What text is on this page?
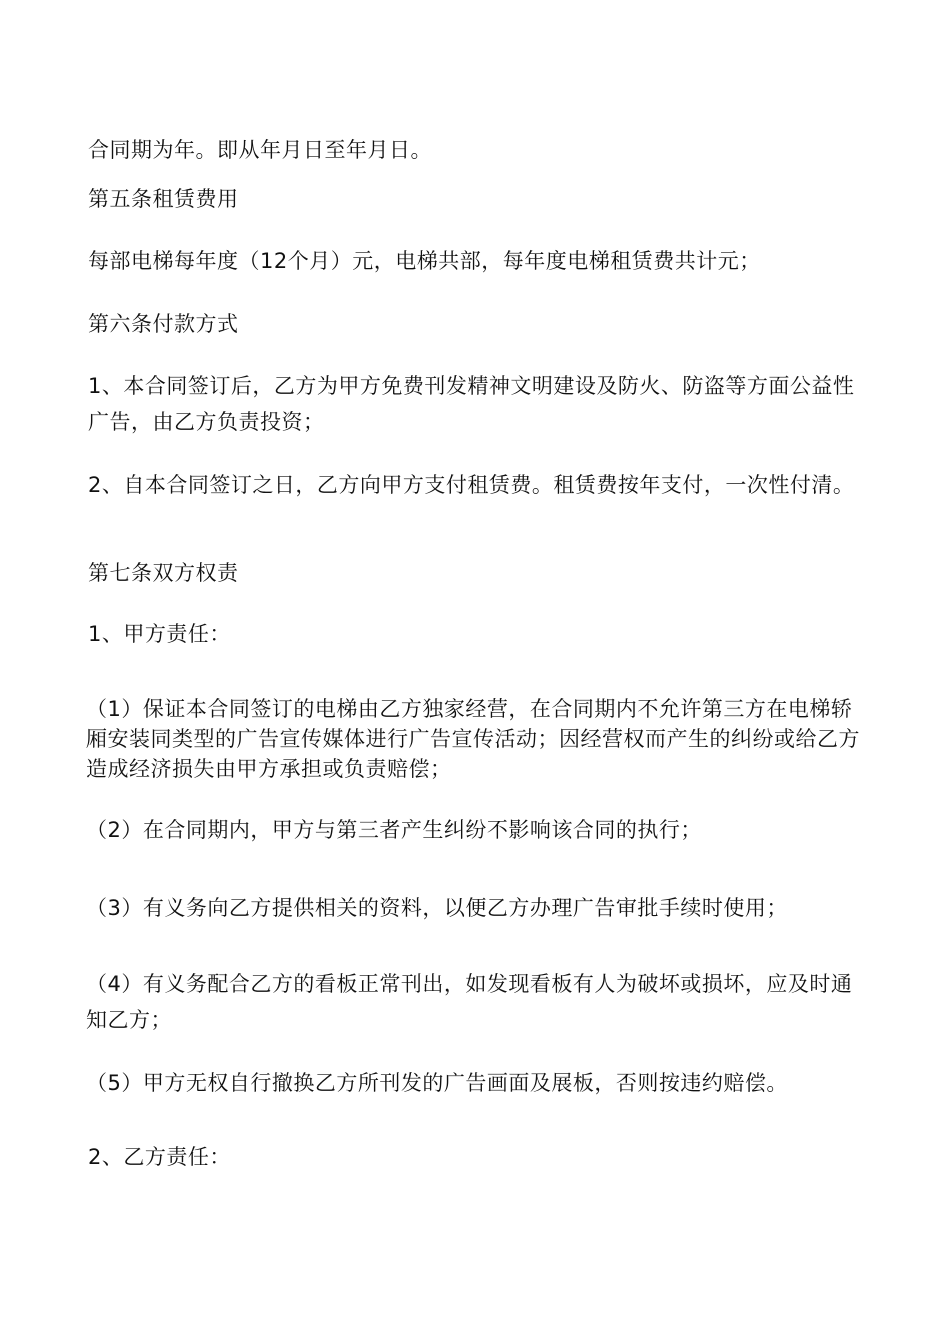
合同期为年。即从年月日至年月日。
第五条租赁费用
每部电梯每年度（12个月）元，电梯共部，每年度电梯租赁费共计元；
第六条付款方式
1、本合同签订后，乙方为甲方免费刊发精神文明建设及防火、防盗等方面公益性广告，由乙方负责投资；
2、自本合同签订之日，乙方向甲方支付租赁费。租赁费按年支付，一次性付清。
第七条双方权责
1、甲方责任：
（1）保证本合同签订的电梯由乙方独家经营，在合同期内不允许第三方在电梯轿厢安装同类型的广告宣传媒体进行广告宣传活动；因经营权而产生的纠纷或给乙方造成经济损失由甲方承担或负责赔偿；
（2）在合同期内，甲方与第三者产生纠纷不影响该合同的执行；
（3）有义务向乙方提供相关的资料，以便乙方办理广告审批手续时使用；
（4）有义务配合乙方的看板正常刊出，如发现看板有人为破坏或损坏，应及时通知乙方；
（5）甲方无权自行撤换乙方所刊发的广告画面及展板，否则按违约赔偿。
2、乙方责任：
